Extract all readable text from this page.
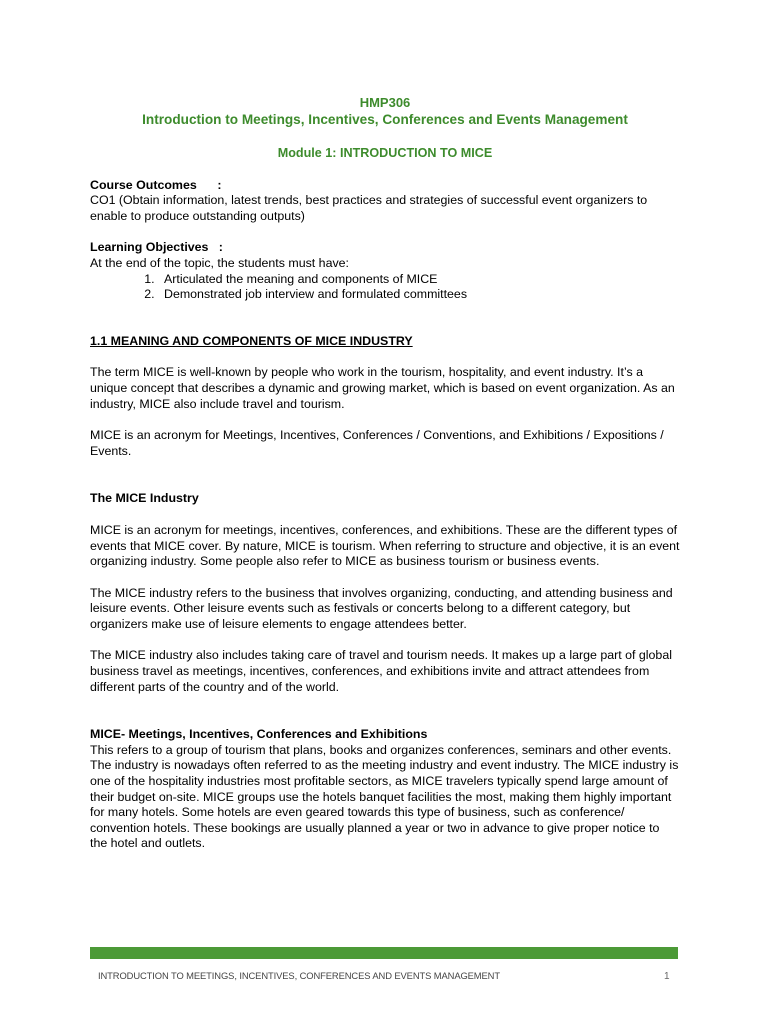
HMP306
Introduction to Meetings, Incentives, Conferences and Events Management
Module 1: INTRODUCTION TO MICE
Course Outcomes      :

CO1 (Obtain information, latest trends, best practices and strategies of successful event organizers to enable to produce outstanding outputs)

Learning Objectives   :

At the end of the topic, the students must have:

1. Articulated the meaning and components of MICE
2. Demonstrated job interview and formulated committees
1.1 MEANING AND COMPONENTS OF MICE INDUSTRY

The term MICE is well-known by people who work in the tourism, hospitality, and event industry. It’s a unique concept that describes a dynamic and growing market, which is based on event organization. As an industry, MICE also include travel and tourism.

MICE is an acronym for Meetings, Incentives, Conferences / Conventions, and Exhibitions / Expositions / Events.

The MICE Industry

MICE is an acronym for meetings, incentives, conferences, and exhibitions. These are the different types of events that MICE cover. By nature, MICE is tourism. When referring to structure and objective, it is an event organizing industry. Some people also refer to MICE as business tourism or business events.

The MICE industry refers to the business that involves organizing, conducting, and attending business and leisure events. Other leisure events such as festivals or concerts belong to a different category, but organizers make use of leisure elements to engage attendees better.

The MICE industry also includes taking care of travel and tourism needs. It makes up a large part of global business travel as meetings, incentives, conferences, and exhibitions invite and attract attendees from different parts of the country and of the world.

MICE- Meetings, Incentives, Conferences and Exhibitions

This refers to a group of tourism that plans, books and organizes conferences, seminars and other events. The industry is nowadays often referred to as the meeting industry and event industry. The MICE industry is one of the hospitality industries most profitable sectors, as MICE travelers typically spend large amount of their budget on-site. MICE groups use the hotels banquet facilities the most, making them highly important for many hotels. Some hotels are even geared towards this type of business, such as conference/ convention hotels. These bookings are usually planned a year or two in advance to give proper notice to the hotel and outlets.

INTRODUCTION TO MEETINGS, INCENTIVES, CONFERENCES AND EVENTS MANAGEMENT	1
